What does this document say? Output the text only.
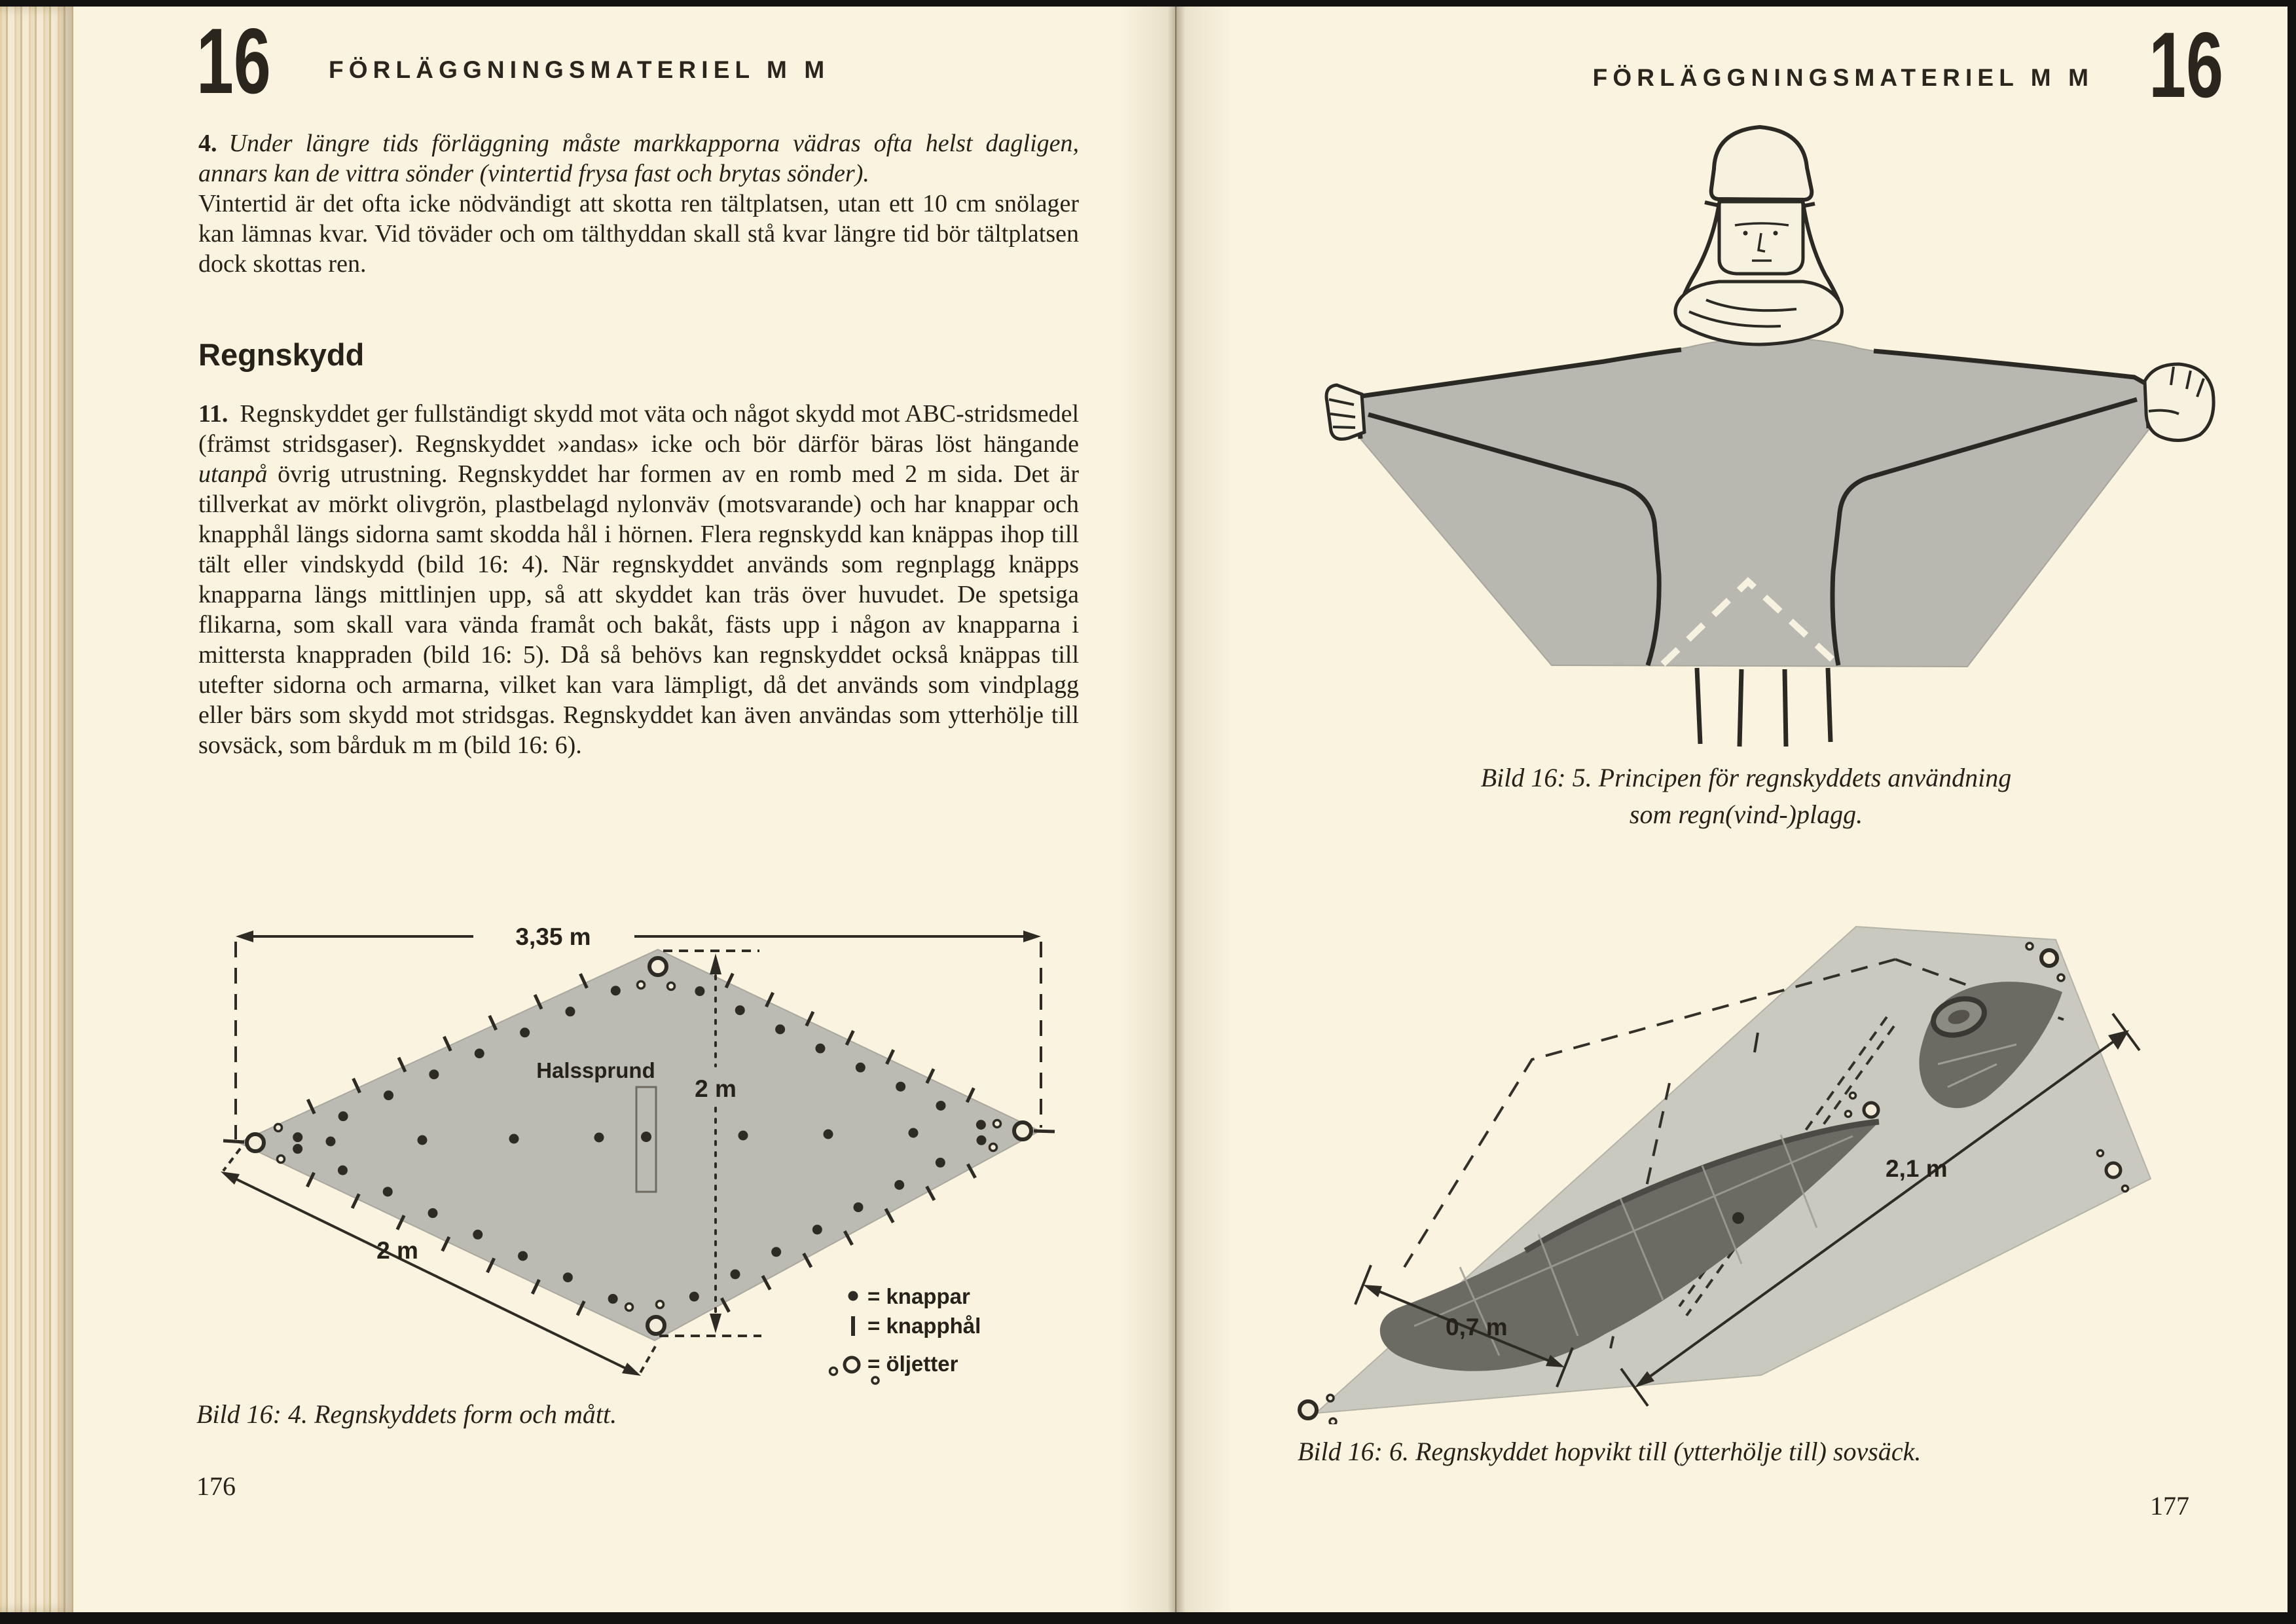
16 FÖRLÄGGNINGSMATERIEL M M

4. Under längre tids förläggning måste markkapporna vädras ofta helst dagligen, annars kan de vittra sönder (vintertid frysa fast och brytas sönder).

Vintertid är det ofta icke nödvändigt att skotta ren tältplatsen, utan ett 10 cm snölager kan lämnas kvar. Vid töväder och om tälthyddan skall stå kvar längre tid bör tältplatsen dock skottas ren.

Regnskydd

11. Regnskyddet ger fullständigt skydd mot väta och något skydd mot ABC-stridsmedel (främst stridsgaser). Regnskyddet »andas» icke och bör därför bäras löst hängande utanpå övrig utrustning. Regnskyddet har formen av en romb med 2 m sida. Det är tillverkat av mörkt olivgrön, plastbelagd nylonväv (motsvarande) och har knappar och knapphål längs sidorna samt skodda hål i hörnen. Flera regnskydd kan knäppas ihop till tält eller vindskydd (bild 16: 4). När regnskyddet används som regnplagg knäpps knapparna längs mittlinjen upp, så att skyddet kan träs över huvudet. De spetsiga flikarna, som skall vara vända framåt och bakåt, fästs upp i någon av knapparna i mittersta knappraden (bild 16: 5). Då så behövs kan regnskyddet också knäppas till utefter sidorna och armarna, vilket kan vara lämpligt, då det används som vindplagg eller bärs som skydd mot stridsgas. Regnskyddet kan även användas som ytterhölje till sovsäck, som bårduk m m (bild 16: 6).

3,35 m
2 m
2 m
Halssprund
= knappar
= knapphål
= öljetter
Bild 16: 4. Regnskyddets form och mått.
176
FÖRLÄGGNINGSMATERIEL M M 16
Bild 16: 5. Principen för regnskyddets användning
som regn(vind-)plagg.
2,1 m
0,7 m
Bild 16: 6. Regnskyddet hopvikt till (ytterhölje till) sovsäck.
177
